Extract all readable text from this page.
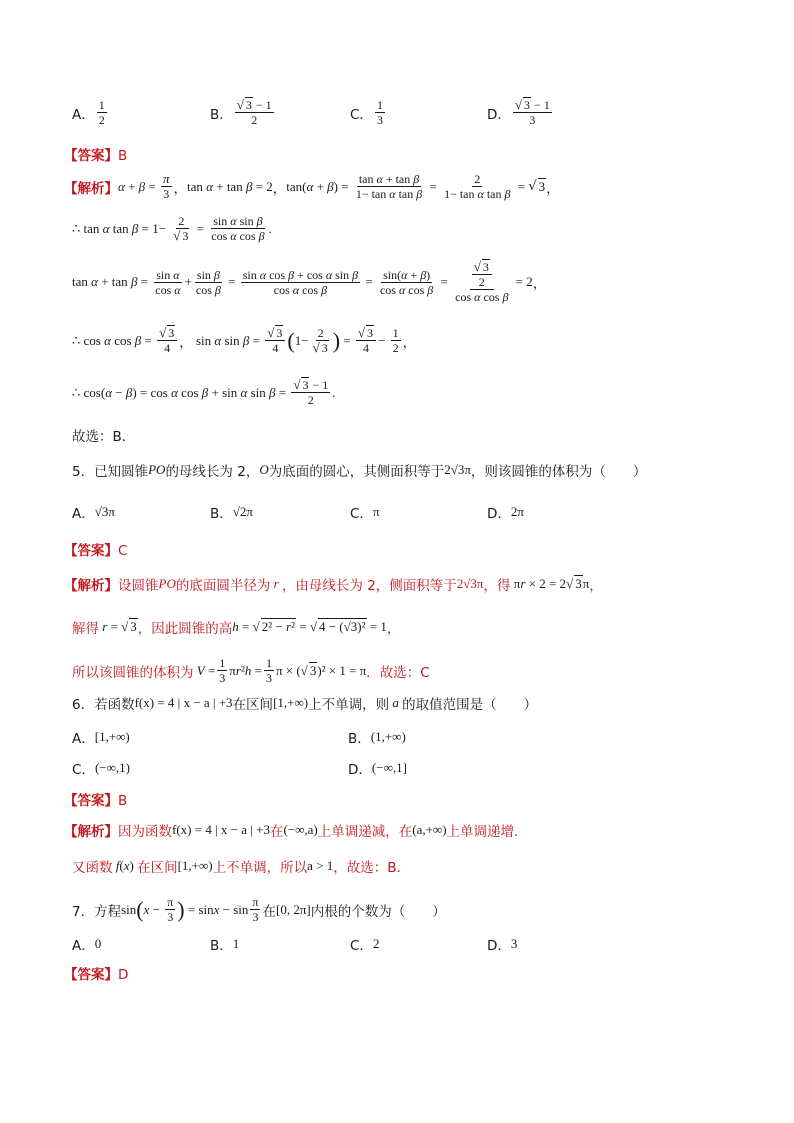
A． $\frac{1}{2}$	B． $\frac{√ 3 - 1}{2}$	C． $\frac{1}{3}$	D． $\frac{√ 3 - 1}{3}$
【答案】B
【解析】 $\alpha + \beta = \frac{\pi}{3}$ ， tan α + tan β = 2 ， tan( α + β ) = $\frac{\text{tan α + tan β}}{\text{1− tan α tan β}} = \frac{2}{\text{1− tan α tan β}}$ = √ 3 ，
∴ tan α $\tan \beta = 1- \frac{2}{√ 3} = \frac{\text{sin α sin β}}{\text{cos α cos β}}$ .
$\tan \alpha + \tan \beta = \frac{\text{sin α}}{\text{cos α}} + \frac{\text{sin β}}{\text{cos β}} = \frac{\text{sin α cos β + cos α sin β}}{\text{cos α cos β}} = \frac{\sin(\alpha + \beta)}{\text{cos α cos β}} = \frac{\frac{√ 3}{2}}{\text{cos α cos β}} = 2$ ，
∴ cos α $\cos \beta = \frac{√ 3}{4}$ ， sin α $\sin \beta = \frac{√ 3}{4}$ ( $1- \frac{2}{√ 3}$ ) = $\frac{√ 3}{4} - \frac{1}{2}$ ，
∴ cos( α − β ) = cos α cos β + sin α $\sin \beta = \frac{√ 3 - 1}{2}$ .
故选：B．
5．已知圆锥 PO 的母线长为 2， O 为底面的圆心，其侧面积等于 2√3π ，则该圆锥的体积为（　　）
A． √3π	B． √2π	C． π	D． 2π
【答案】C
【解析】 设圆锥 PO 的底面圆半径为 r ，由母线长为 2，侧面积等于 2√3π ，得 πr × 2 = 2√ 3π ，
解得 r = √ 3 ，因此圆锥的高 h = √ 2² − r² = √ 4 − (√3)² = 1 ，
所以该圆锥的体积为 $V = \frac{1}{3} \pi r^2h = \frac{1}{3}$ π × (√ 3)² × 1 = π ．故选：C
6．若函数 f(x) = 4 | x − a | +3 在区间 [1,+∞) 上不单调，则 a 的取值范围是（　　）
A． [1,+∞)	B． (1,+∞)
C． (−∞,1)	D． (−∞,1]
【答案】B
【解析】 因为函数 f(x) = 4 | x − a | +3 在 (−∞,a) 上单调递减，在 (a,+∞) 上单调递增．
又函数 f(x) 在区间 [1,+∞) 上不单调，所以 a > 1 ，故选：B．
7．方程 sin ( $x - \frac{\pi}{3}$ ) = $\sin x - \sin \frac{\pi}{3}$ 在 [0, 2π] 内根的个数为（　　）
A． 0	B． 1	C． 2	D． 3
【答案】D
